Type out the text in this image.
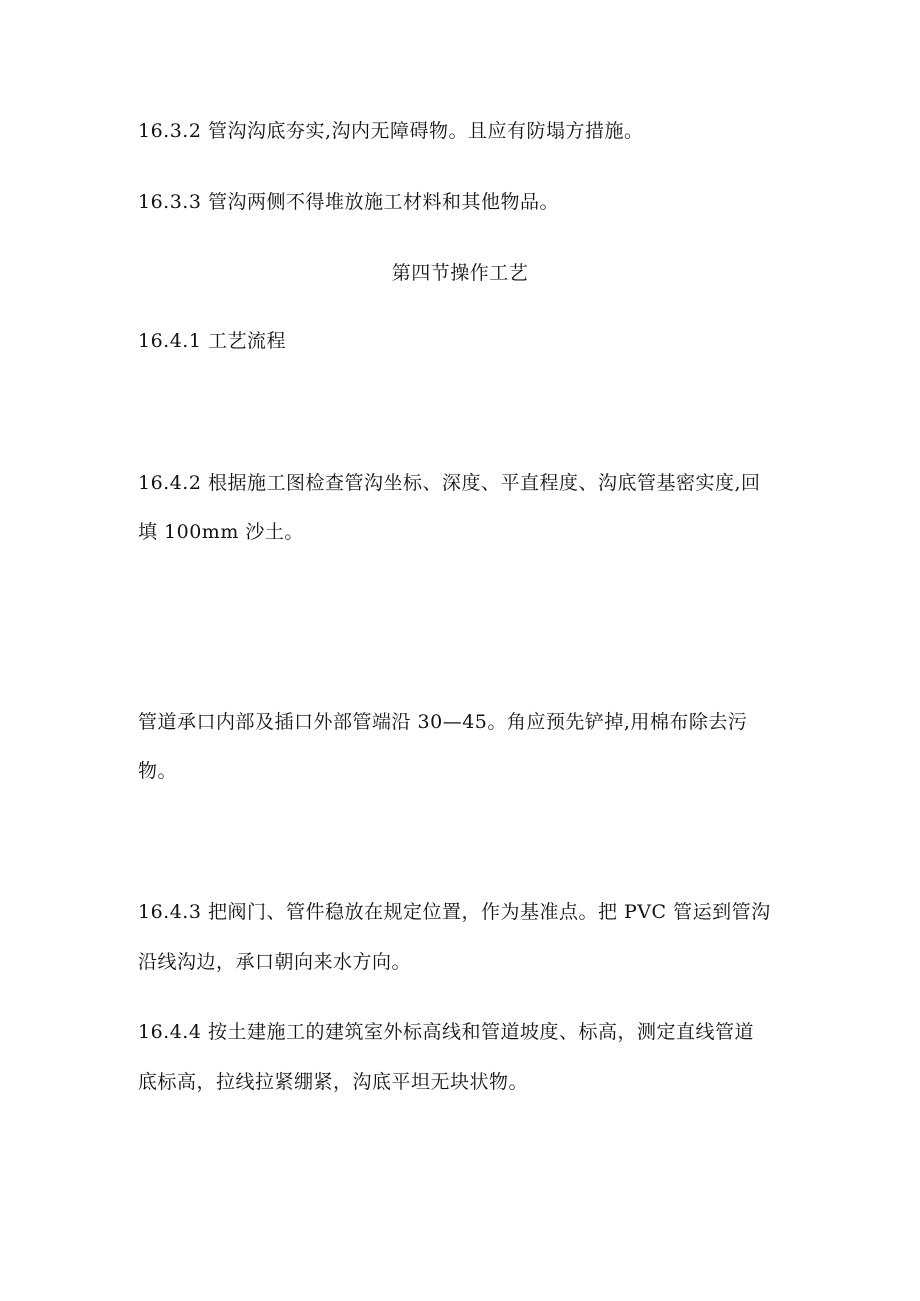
16.3.2 管沟沟底夯实,沟内无障碍物。且应有防塌方措施。
16.3.3 管沟两侧不得堆放施工材料和其他物品。
第四节操作工艺
16.4.1 工艺流程
16.4.2 根据施工图检查管沟坐标、深度、平直程度、沟底管基密实度,回
填 100mm 沙土。
管道承口内部及插口外部管端沿 30—45。角应预先铲掉,用棉布除去污
物。
16.4.3 把阀门、管件稳放在规定位置，作为基准点。把 PVC 管运到管沟
沿线沟边，承口朝向来水方向。
16.4.4 按土建施工的建筑室外标高线和管道坡度、标高，测定直线管道
底标高，拉线拉紧绷紧，沟底平坦无块状物。
